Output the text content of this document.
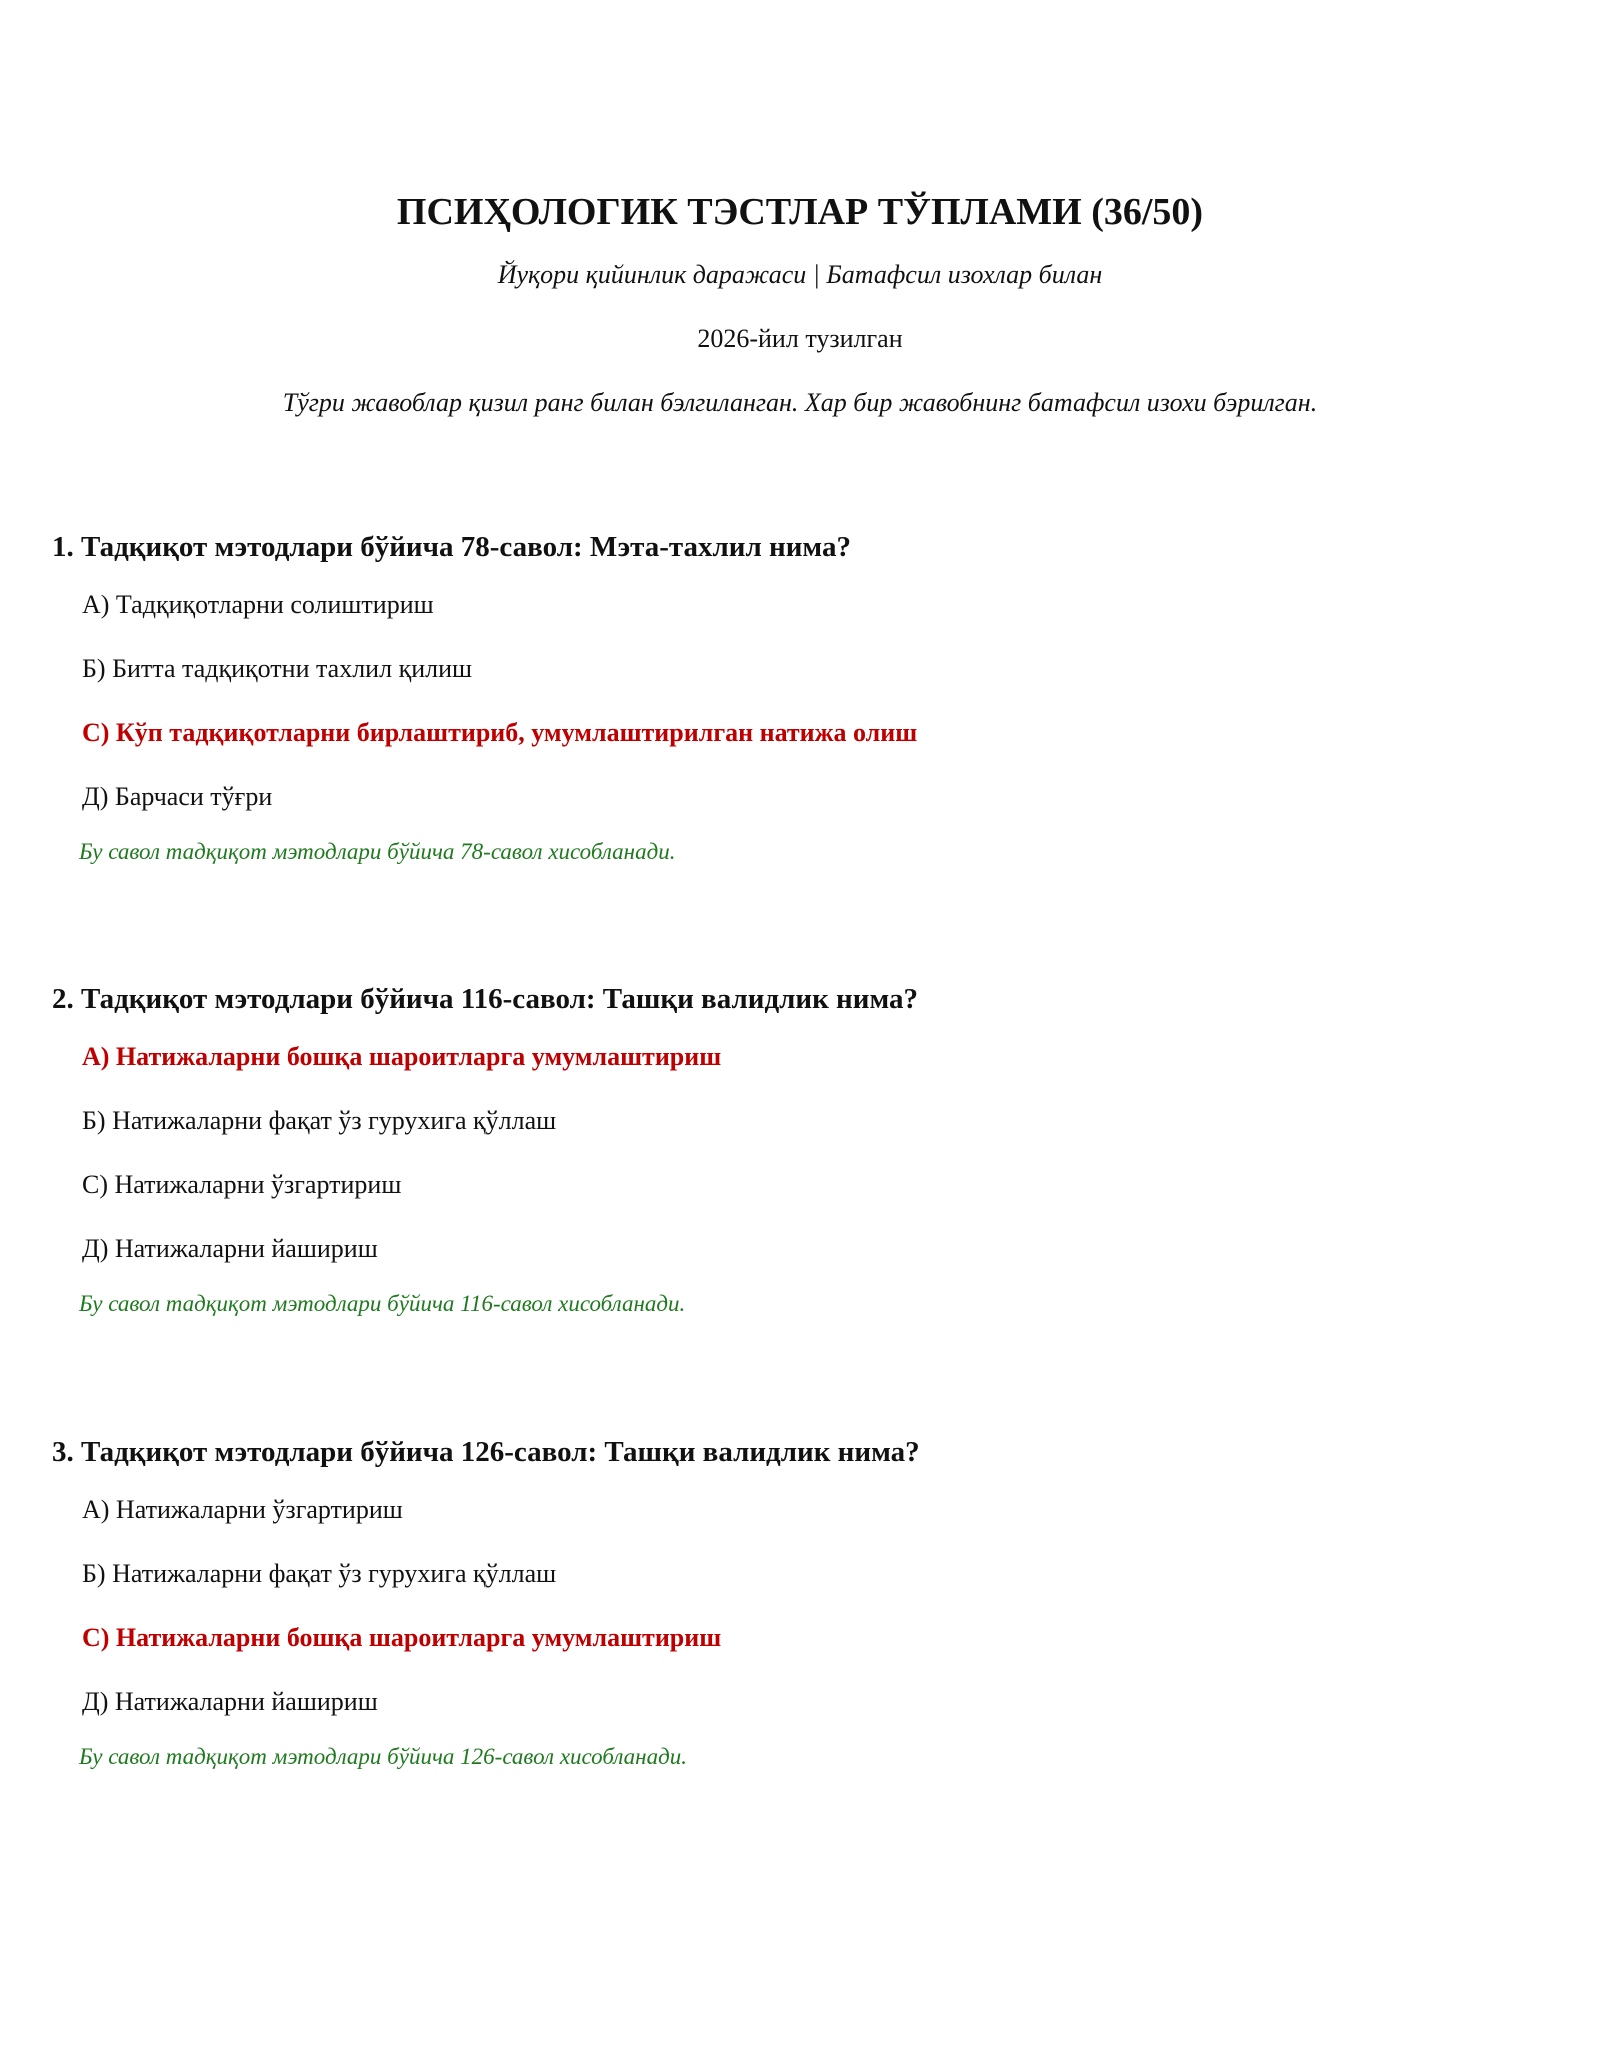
ПСИҲОЛОГИК ТЭСТЛАР ТЎПЛАМИ (36/50)
Йуқори қийинлик даражаси | Батафсил изохлар билан
2026-йил тузилган
Тўгри жавоблар қизил ранг билан бэлгиланган. Хар бир жавобнинг батафсил изохи бэрилган.
1. Тадқиқот мэтодлари бўйича 78-савол: Мэта-тахлил нима?
А) Тадқиқотларни солиштириш
Б) Битта тадқиқотни тахлил қилиш
С) Кўп тадқиқотларни бирлаштириб, умумлаштирилган натижа олиш
Д) Барчаси тўғри
Бу савол тадқиқот мэтодлари бўйича 78-савол хисобланади.
2. Тадқиқот мэтодлари бўйича 116-савол: Ташқи валидлик нима?
А) Натижаларни бошқа шароитларга умумлаштириш
Б) Натижаларни фақат ўз гурухига қўллаш
С) Натижаларни ўзгартириш
Д) Натижаларни йашириш
Бу савол тадқиқот мэтодлари бўйича 116-савол хисобланади.
3. Тадқиқот мэтодлари бўйича 126-савол: Ташқи валидлик нима?
А) Натижаларни ўзгартириш
Б) Натижаларни фақат ўз гурухига қўллаш
С) Натижаларни бошқа шароитларга умумлаштириш
Д) Натижаларни йашириш
Бу савол тадқиқот мэтодлари бўйича 126-савол хисобланади.
